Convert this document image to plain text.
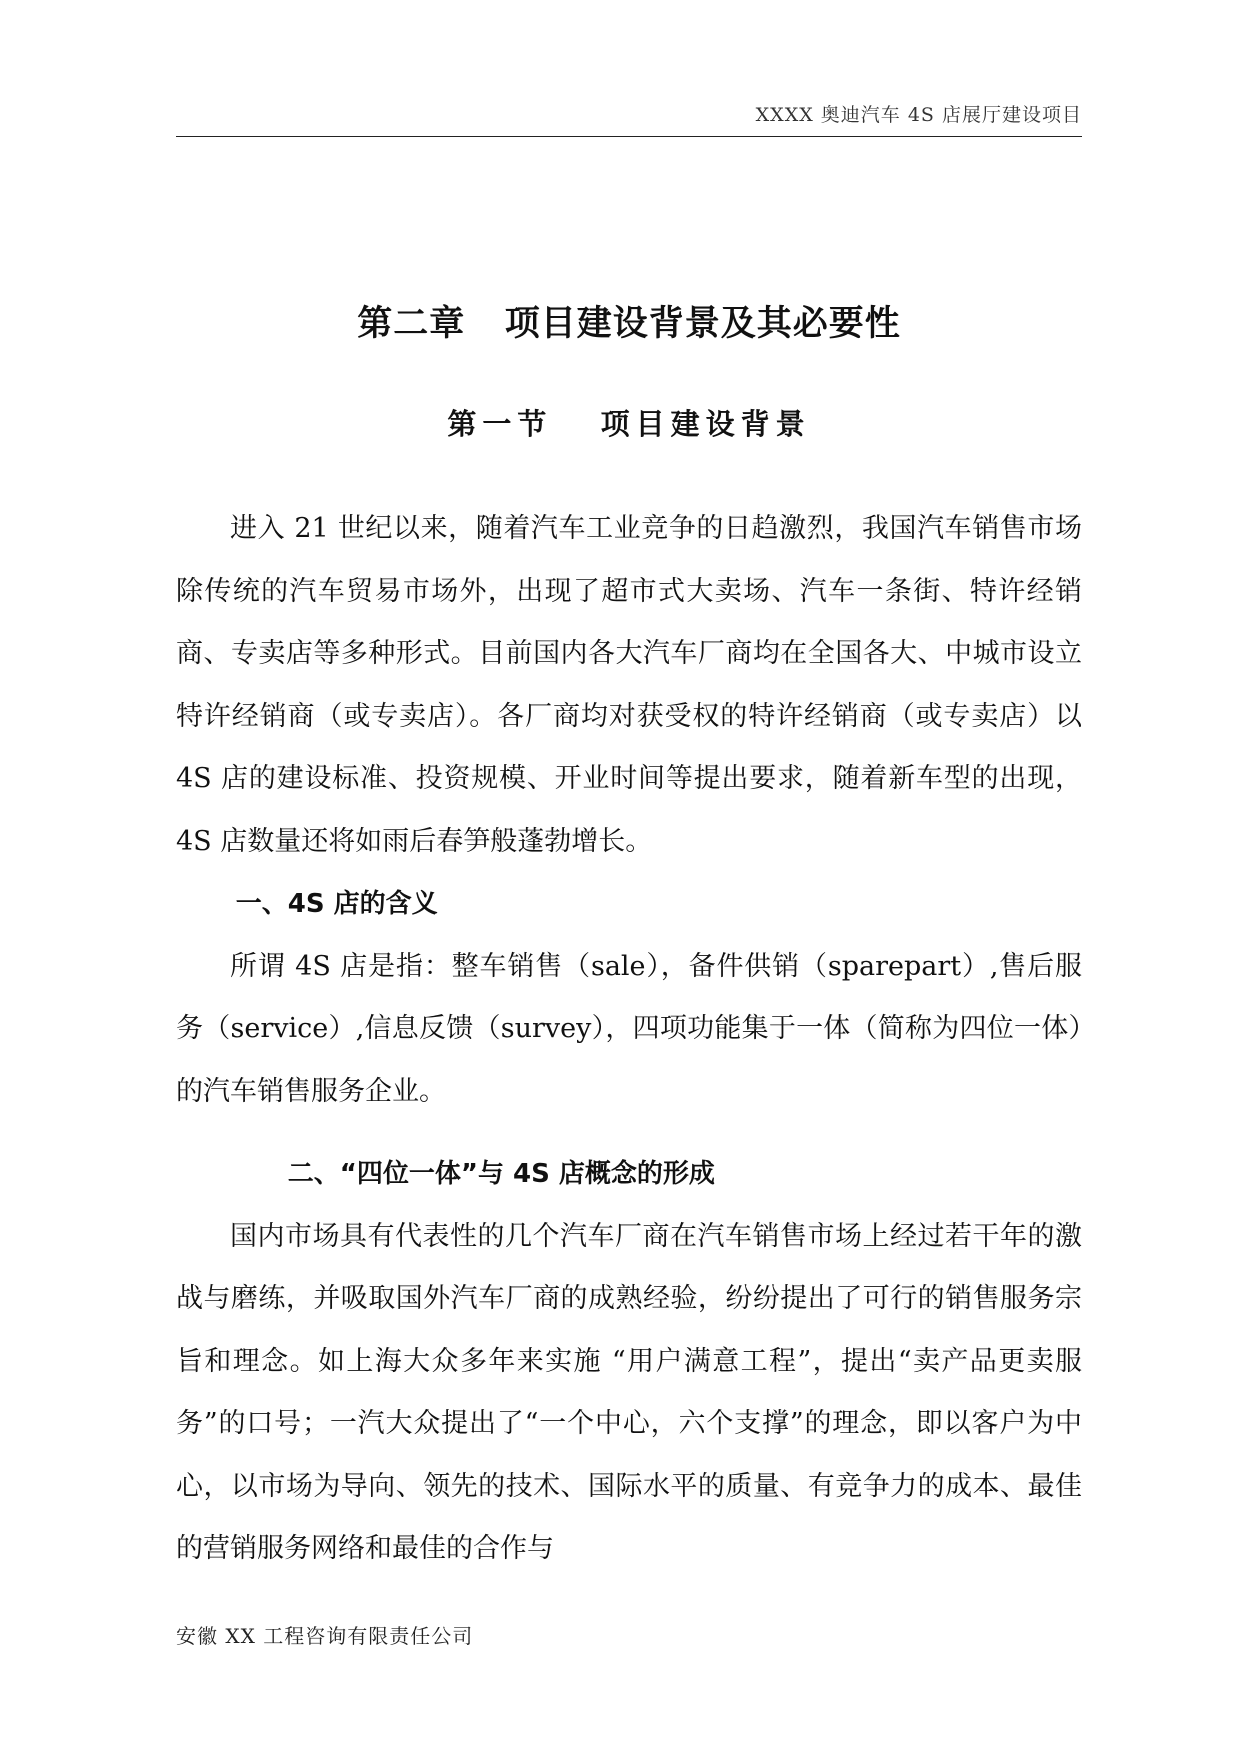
XXXX 奥迪汽车 4S 店展厅建设项目
第二章   项目建设背景及其必要性
第一节   项目建设背景

进入 21 世纪以来，随着汽车工业竞争的日趋激烈，我国汽车销售市场除传统的汽车贸易市场外，出现了超市式大卖场、汽车一条街、特许经销商、专卖店等多种形式。目前国内各大汽车厂商均在全国各大、中城市设立特许经销商（或专卖店）。各厂商均对获受权的特许经销商（或专卖店）以 4S 店的建设标准、投资规模、开业时间等提出要求，随着新车型的出现，4S 店数量还将如雨后春笋般蓬勃增长。

一、4S 店的含义

所谓 4S 店是指：整车销售（sale），备件供销（sparepart）,售后服务（service）,信息反馈（survey），四项功能集于一体（简称为四位一体）的汽车销售服务企业。

二、“四位一体”与 4S 店概念的形成

国内市场具有代表性的几个汽车厂商在汽车销售市场上经过若干年的激战与磨练，并吸取国外汽车厂商的成熟经验，纷纷提出了可行的销售服务宗旨和理念。如上海大众多年来实施 “用户满意工程”，提出“卖产品更卖服务”的口号；一汽大众提出了“一个中心，六个支撑”的理念，即以客户为中心，以市场为导向、领先的技术、国际水平的质量、有竞争力的成本、最佳的营销服务网络和最佳的合作与

安徽 XX 工程咨询有限责任公司
